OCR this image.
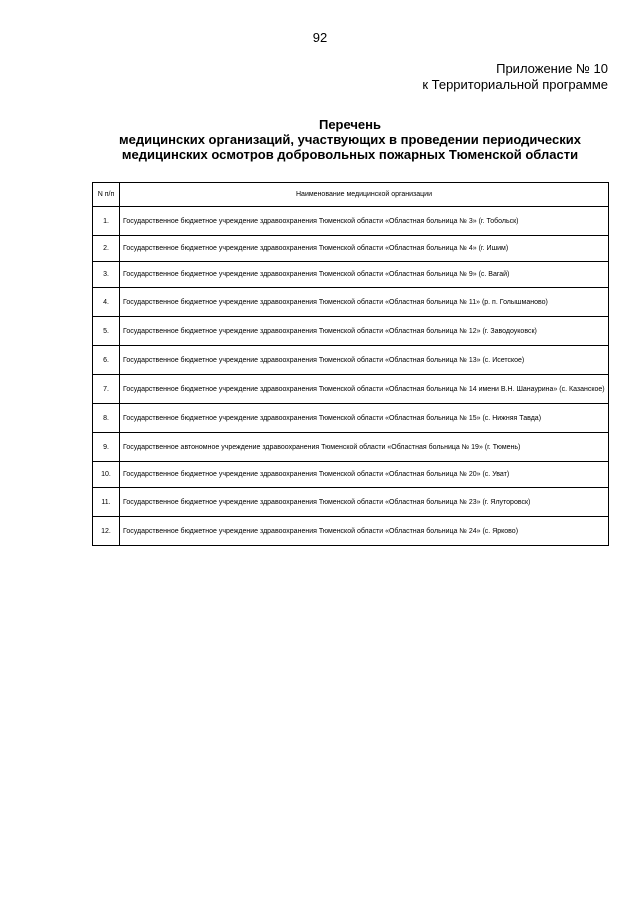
92
Приложение № 10
к Территориальной программе
Перечень
медицинских организаций, участвующих в проведении периодических
медицинских осмотров добровольных пожарных Тюменской области
N п/п	Наименование медицинской организации
1.	Государственное бюджетное учреждение здравоохранения Тюменской области «Областная больница № 3» (г. Тобольск)
2.	Государственное бюджетное учреждение здравоохранения Тюменской области «Областная больница № 4» (г. Ишим)
3.	Государственное бюджетное учреждение здравоохранения Тюменской области «Областная больница № 9» (с. Вагай)
4.	Государственное бюджетное учреждение здравоохранения Тюменской области «Областная больница № 11» (р. п. Голышманово)
5.	Государственное бюджетное учреждение здравоохранения Тюменской области «Областная больница № 12» (г. Заводоуковск)
6.	Государственное бюджетное учреждение здравоохранения Тюменской области «Областная больница № 13» (с. Исетское)
7.	Государственное бюджетное учреждение здравоохранения Тюменской области «Областная больница № 14 имени В.Н. Шанаурина» (с. Казанское)
8.	Государственное бюджетное учреждение здравоохранения Тюменской области «Областная больница № 15» (с. Нижняя Тавда)
9.	Государственное автономное учреждение здравоохранения Тюменской области «Областная больница № 19» (г. Тюмень)
10.	Государственное бюджетное учреждение здравоохранения Тюменской области «Областная больница № 20» (с. Уват)
11.	Государственное бюджетное учреждение здравоохранения Тюменской области «Областная больница № 23» (г. Ялуторовск)
12.	Государственное бюджетное учреждение здравоохранения Тюменской области «Областная больница № 24» (с. Ярково)
